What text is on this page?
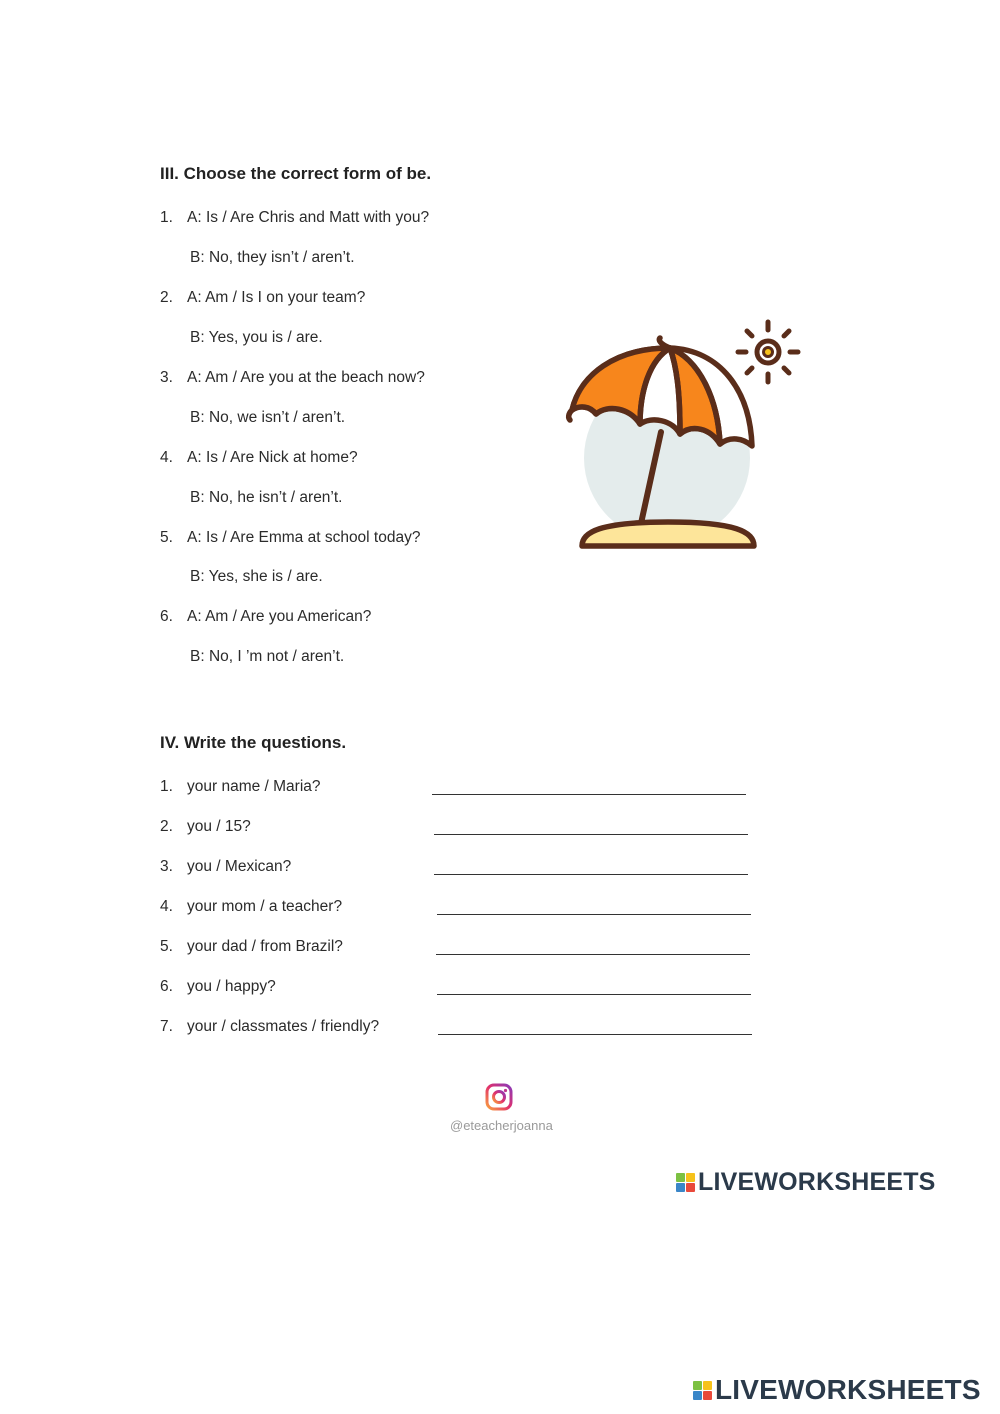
III. Choose the correct form of be.
1. A: Is / Are Chris and Matt with you?
B: No, they isn’t / aren’t.
2. A: Am / Is I on your team?
B: Yes, you is / are.
3. A: Am / Are you at the beach now?
B: No, we isn’t / aren’t.
4. A: Is / Are Nick at home?
B: No, he isn’t / aren’t.
5. A: Is / Are Emma at school today?
B: Yes, she is / are.
6. A: Am / Are you American?
B: No, I ’m not / aren’t.
IV. Write the questions.
1. your name / Maria?
2. you / 15?
3. you / Mexican?
4. your mom / a teacher?
5. your dad / from Brazil?
6. you / happy?
7. your / classmates / friendly?
@eteacherjoanna
LIVEWORKSHEETS
LIVEWORKSHEETS
